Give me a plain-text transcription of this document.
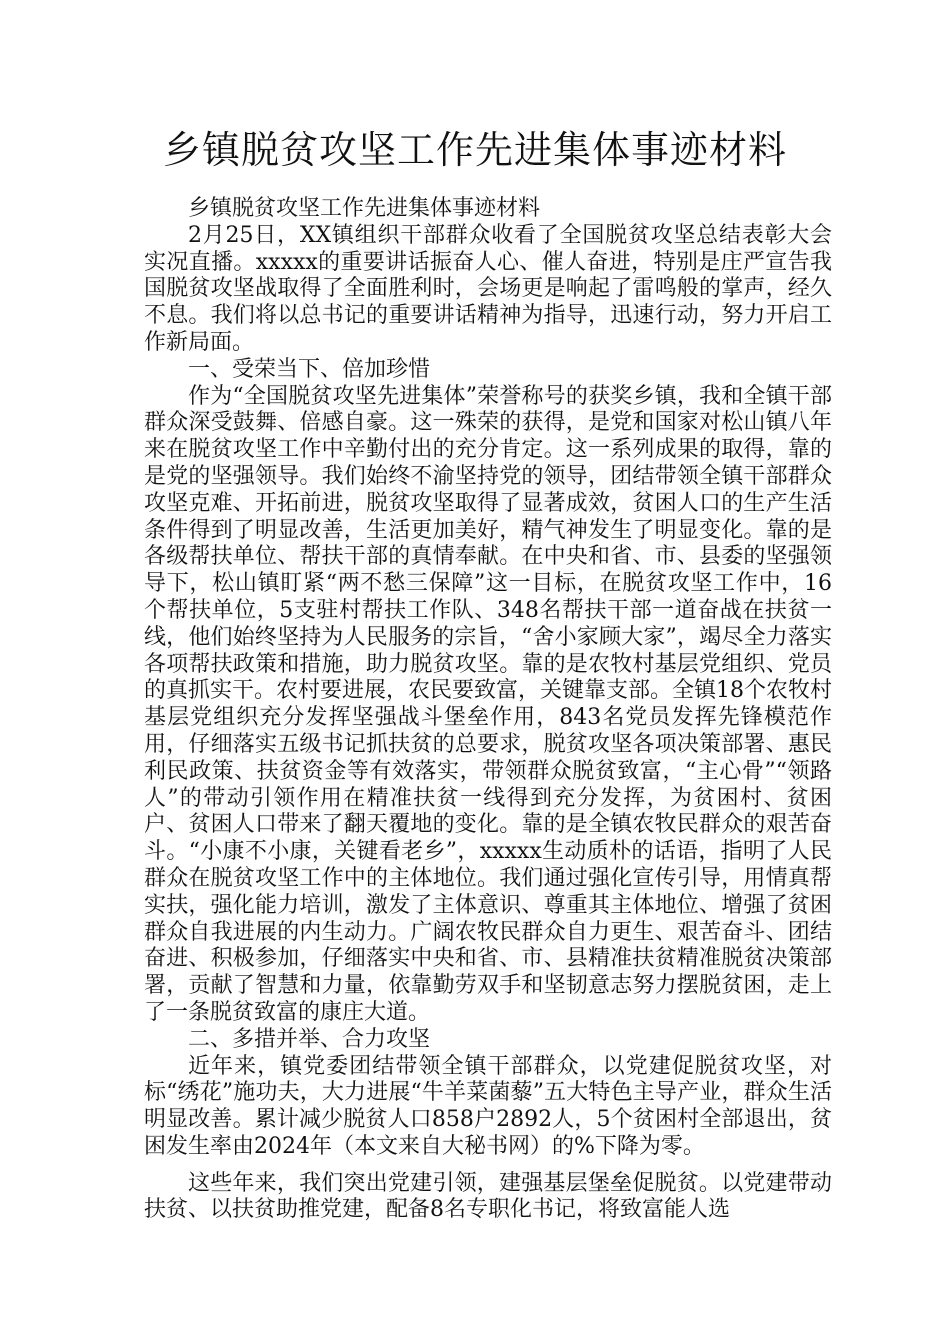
乡镇脱贫攻坚工作先进集体事迹材料

乡镇脱贫攻坚工作先进集体事迹材料

2月25日，XX镇组织干部群众收看了全国脱贫攻坚总结表彰大会实况直播。xxxxx的重要讲话振奋人心、催人奋进，特别是庄严宣告我国脱贫攻坚战取得了全面胜利时，会场更是响起了雷鸣般的掌声，经久不息。我们将以总书记的重要讲话精神为指导，迅速行动，努力开启工作新局面。

一、受荣当下、倍加珍惜

作为“全国脱贫攻坚先进集体”荣誉称号的获奖乡镇，我和全镇干部群众深受鼓舞、倍感自豪。这一殊荣的获得，是党和国家对松山镇八年来在脱贫攻坚工作中辛勤付出的充分肯定。这一系列成果的取得，靠的是党的坚强领导。我们始终不渝坚持党的领导，团结带领全镇干部群众攻坚克难、开拓前进，脱贫攻坚取得了显著成效，贫困人口的生产生活条件得到了明显改善，生活更加美好，精气神发生了明显变化。靠的是各级帮扶单位、帮扶干部的真情奉献。在中央和省、市、县委的坚强领导下，松山镇盯紧“两不愁三保障”这一目标，在脱贫攻坚工作中，16个帮扶单位，5支驻村帮扶工作队、348名帮扶干部一道奋战在扶贫一线，他们始终坚持为人民服务的宗旨，“舍小家顾大家”，竭尽全力落实各项帮扶政策和措施，助力脱贫攻坚。靠的是农牧村基层党组织、党员的真抓实干。农村要进展，农民要致富，关键靠支部。全镇18个农牧村基层党组织充分发挥坚强战斗堡垒作用，843名党员发挥先锋模范作用，仔细落实五级书记抓扶贫的总要求，脱贫攻坚各项决策部署、惠民利民政策、扶贫资金等有效落实，带领群众脱贫致富，“主心骨”“领路人”的带动引领作用在精准扶贫一线得到充分发挥，为贫困村、贫困户、贫困人口带来了翻天覆地的变化。靠的是全镇农牧民群众的艰苦奋斗。“小康不小康，关键看老乡”，xxxxx生动质朴的话语，指明了人民群众在脱贫攻坚工作中的主体地位。我们通过强化宣传引导，用情真帮实扶，强化能力培训，激发了主体意识、尊重其主体地位、增强了贫困群众自我进展的内生动力。广阔农牧民群众自力更生、艰苦奋斗、团结奋进、积极参加，仔细落实中央和省、市、县精准扶贫精准脱贫决策部署，贡献了智慧和力量，依靠勤劳双手和坚韧意志努力摆脱贫困，走上了一条脱贫致富的康庄大道。

二、多措并举、合力攻坚

近年来，镇党委团结带领全镇干部群众，以党建促脱贫攻坚，对标“绣花”施功夫，大力进展“牛羊菜菌藜”五大特色主导产业，群众生活明显改善。累计减少脱贫人口858户2892人，5个贫困村全部退出，贫困发生率由2024年（本文来自大秘书网）的%下降为零。

这些年来，我们突出党建引领，建强基层堡垒促脱贫。以党建带动扶贫、以扶贫助推党建，配备8名专职化书记，将致富能人选
